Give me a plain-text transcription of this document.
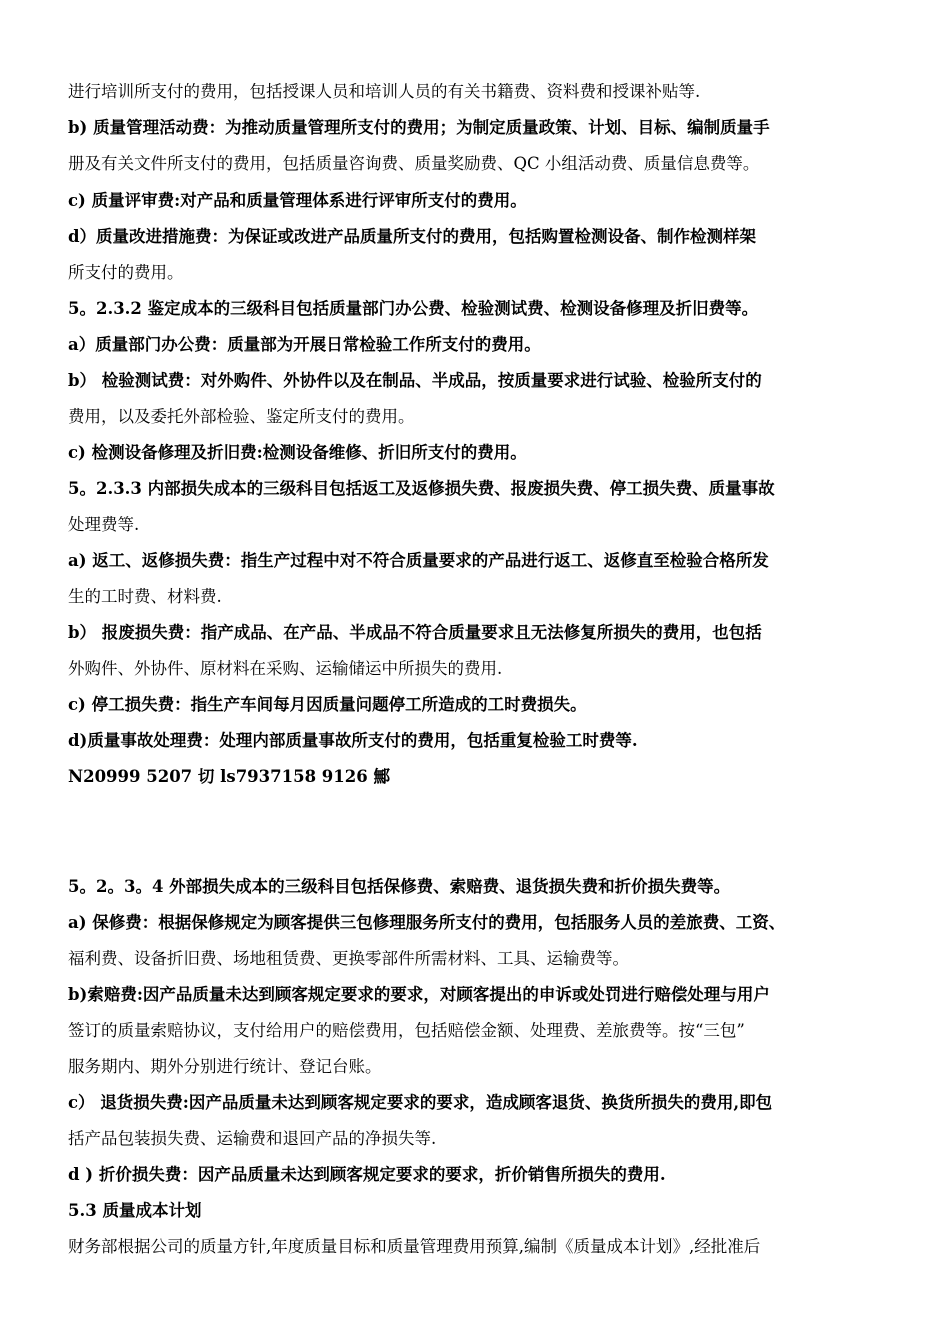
进行培训所支付的费用，包括授课人员和培训人员的有关书籍费、资料费和授课补贴等.
b) 质量管理活动费：为推动质量管理所支付的费用；为制定质量政策、计划、目标、编制质量手
册及有关文件所支付的费用，包括质量咨询费、质量奖励费、QC 小组活动费、质量信息费等。
c) 质量评审费:对产品和质量管理体系进行评审所支付的费用。
d）质量改进措施费：为保证或改进产品质量所支付的费用，包括购置检测设备、制作检测样架
所支付的费用。
5。2.3.2 鉴定成本的三级科目包括质量部门办公费、检验测试费、检测设备修理及折旧费等。
a）质量部门办公费：质量部为开展日常检验工作所支付的费用。
b） 检验测试费：对外购件、外协件以及在制品、半成品，按质量要求进行试验、检验所支付的
费用，以及委托外部检验、鉴定所支付的费用。
c) 检测设备修理及折旧费:检测设备维修、折旧所支付的费用。
5。2.3.3 内部损失成本的三级科目包括返工及返修损失费、报废损失费、停工损失费、质量事故
处理费等.
a) 返工、返修损失费：指生产过程中对不符合质量要求的产品进行返工、返修直至检验合格所发
生的工时费、材料费.
b） 报废损失费：指产成品、在产品、半成品不符合质量要求且无法修复所损失的费用，也包括
外购件、外协件、原材料在采购、运输储运中所损失的费用.
c) 停工损失费：指生产车间每月因质量问题停工所造成的工时费损失。
d)质量事故处理费：处理内部质量事故所支付的费用，包括重复检验工时费等.
N20999 5207 切 ls7937158 9126 鄦
5。2。3。4 外部损失成本的三级科目包括保修费、索赔费、退货损失费和折价损失费等。
a) 保修费：根据保修规定为顾客提供三包修理服务所支付的费用，包括服务人员的差旅费、工资、
福利费、设备折旧费、场地租赁费、更换零部件所需材料、工具、运输费等。
b)索赔费:因产品质量未达到顾客规定要求的要求，对顾客提出的申诉或处罚进行赔偿处理与用户
签订的质量索赔协议，支付给用户的赔偿费用，包括赔偿金额、处理费、差旅费等。按“三包”
服务期内、期外分别进行统计、登记台账。
c） 退货损失费:因产品质量未达到顾客规定要求的要求，造成顾客退货、换货所损失的费用,即包
括产品包装损失费、运输费和退回产品的净损失等.
d ) 折价损失费：因产品质量未达到顾客规定要求的要求，折价销售所损失的费用.
5.3 质量成本计划
财务部根据公司的质量方针,年度质量目标和质量管理费用预算,编制《质量成本计划》,经批准后
